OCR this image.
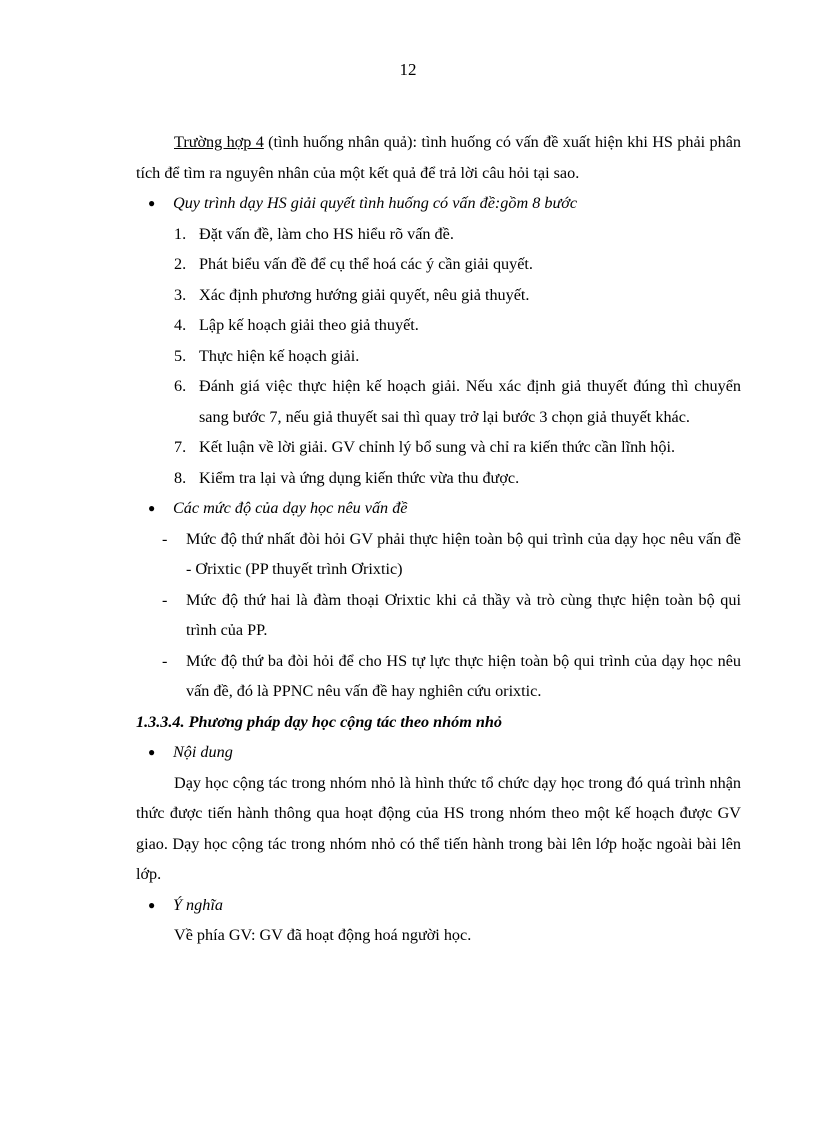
12

Trường hợp 4 (tình huống nhân quả): tình huống có vấn đề xuất hiện khi HS phải phân tích để tìm ra nguyên nhân của một kết quả để trả lời câu hỏi tại sao.

● Quy trình dạy HS giải quyết tình huống có vấn đề:gồm 8 bước
1. Đặt vấn đề, làm cho HS hiểu rõ vấn đề.
2. Phát biểu vấn đề để cụ thể hoá các ý cần giải quyết.
3. Xác định phương hướng giải quyết, nêu giả thuyết.
4. Lập kế hoạch giải theo giả thuyết.
5. Thực hiện kế hoạch giải.
6. Đánh giá việc thực hiện kế hoạch giải. Nếu xác định giả thuyết đúng thì chuyển sang bước 7, nếu giả thuyết sai thì quay trở lại bước 3 chọn giả thuyết khác.
7. Kết luận về lời giải. GV chỉnh lý bổ sung và chỉ ra kiến thức cần lĩnh hội.
8. Kiểm tra lại và ứng dụng kiến thức vừa thu được.
● Các mức độ của dạy học nêu vấn đề
- Mức độ thứ nhất đòi hỏi GV phải thực hiện toàn bộ qui trình của dạy học nêu vấn đề - Ơrixtic (PP thuyết trình Ơrixtic)
- Mức độ thứ hai là đàm thoại Ơrixtic khi cả thầy và trò cùng thực hiện toàn bộ qui trình của PP.
- Mức độ thứ ba đòi hỏi để cho HS tự lực thực hiện toàn bộ qui trình của dạy học nêu vấn đề, đó là PPNC nêu vấn đề hay nghiên cứu orixtic.
1.3.3.4. Phương pháp dạy học cộng tác theo nhóm nhỏ
● Nội dung

Dạy học cộng tác trong nhóm nhỏ là hình thức tổ chức dạy học trong đó quá trình nhận thức được tiến hành thông qua hoạt động của HS trong nhóm theo một kế hoạch được GV giao. Dạy học cộng tác trong nhóm nhỏ có thể tiến hành trong bài lên lớp hoặc ngoài bài lên lớp.

● Ý nghĩa

Về phía GV: GV đã hoạt động hoá người học.
